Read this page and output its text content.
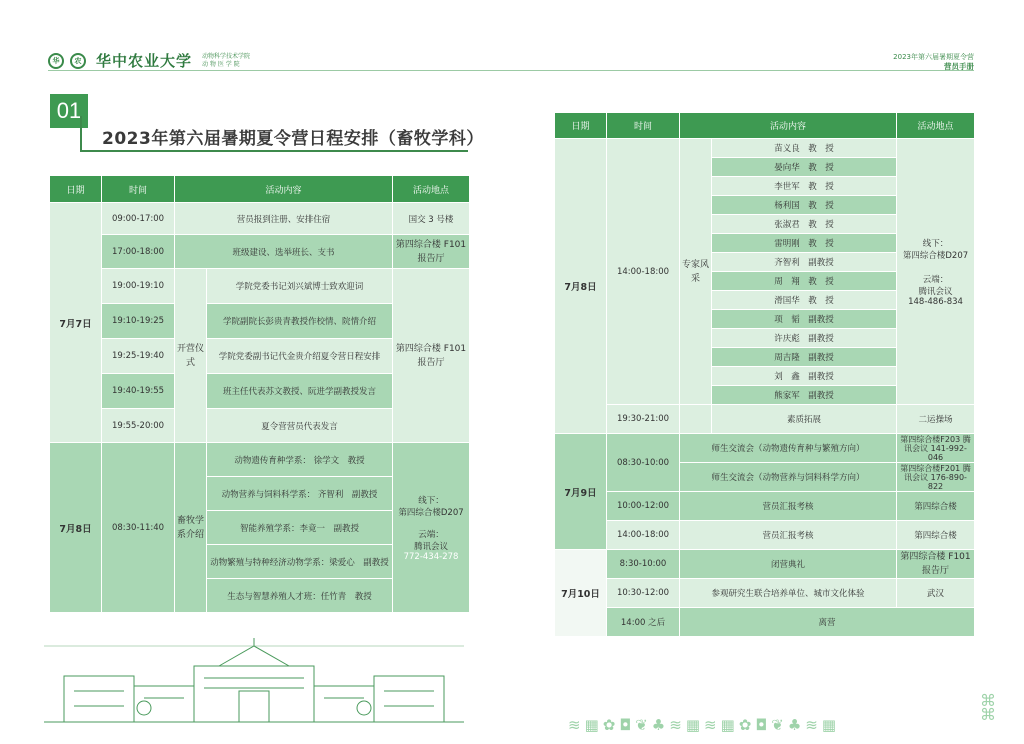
华	农 华中农业大学 动物科学技术学院
动 物 医 学 院
2023年第六届暑期夏令营
营员手册
01
2023年第六届暑期夏令营日程安排（畜牧学科）
日期	时间	活动内容		活动地点
7月7日	09:00-17:00	营员报到注册、安排住宿		国交 3 号楼
	17:00-18:00	班级建设、选举班长、支书		第四综合楼 F101 报告厅
	19:00-19:10	开营仪式	学院党委书记刘兴斌博士致欢迎词	第四综合楼 F101 报告厅
	19:10-19:25		学院副院长彭贵青教授作校情、院情介绍	
	19:25-19:40		学院党委副书记代金贵介绍夏令营日程安排	
	19:40-19:55		班主任代表苏文教授、阮进学副教授发言	
	19:55-20:00		夏令营营员代表发言	
7月8日	08:30-11:40	畜牧学系介绍	动物遗传育种学系： 徐学文　教授	线下：
第四综合楼D207
云端：
腾讯会议
772-434-278

			动物营养与饲料科学系： 齐智利　副教授	
			智能养殖学系：李竟一　副教授	
			动物繁殖与特种经济动物学系：梁爱心　副教授	
			生态与智慧养殖人才班：任竹青　教授	
日期	时间	活动内容		活动地点
7月8日	14:00-18:00	专家风采	苗义良　教　授	线下：
第四综合楼D207
云端：
腾讯会议
148-486-834

			晏向华　教　授	
			李世军　教　授	
			杨利国　教　授	
			张淑君　教　授	
			雷明刚　教　授	
			齐智利　副教授	
			周　翔　教　授	
			滑国华　教　授	
			项　韬　副教授	
			许庆彪　副教授	
			周吉隆　副教授	
			刘　鑫　副教授	
			熊家军　副教授	
	19:30-21:00		素质拓展	二运操场
7月9日	08:30-10:00	师生交流会（动物遗传育种与繁殖方向）		第四综合楼F203 腾讯会议 141-992-046
		师生交流会（动物营养与饲料科学方向）		第四综合楼F201 腾讯会议 176-890-822
	10:00-12:00	营员汇报考核		第四综合楼
	14:00-18:00	营员汇报考核		第四综合楼
7月10日	8:30-10:00	闭营典礼		第四综合楼 F101 报告厅
	10:30-12:00	参观研究生联合培养单位、城市文化体验		武汉
	14:00 之后	离营		
≋ ▦ ✿ ◘ ❦ ♣ ≋ ▦ ≋ ▦ ✿ ◘ ❦ ♣ ≋ ▦
⌘
⌘
